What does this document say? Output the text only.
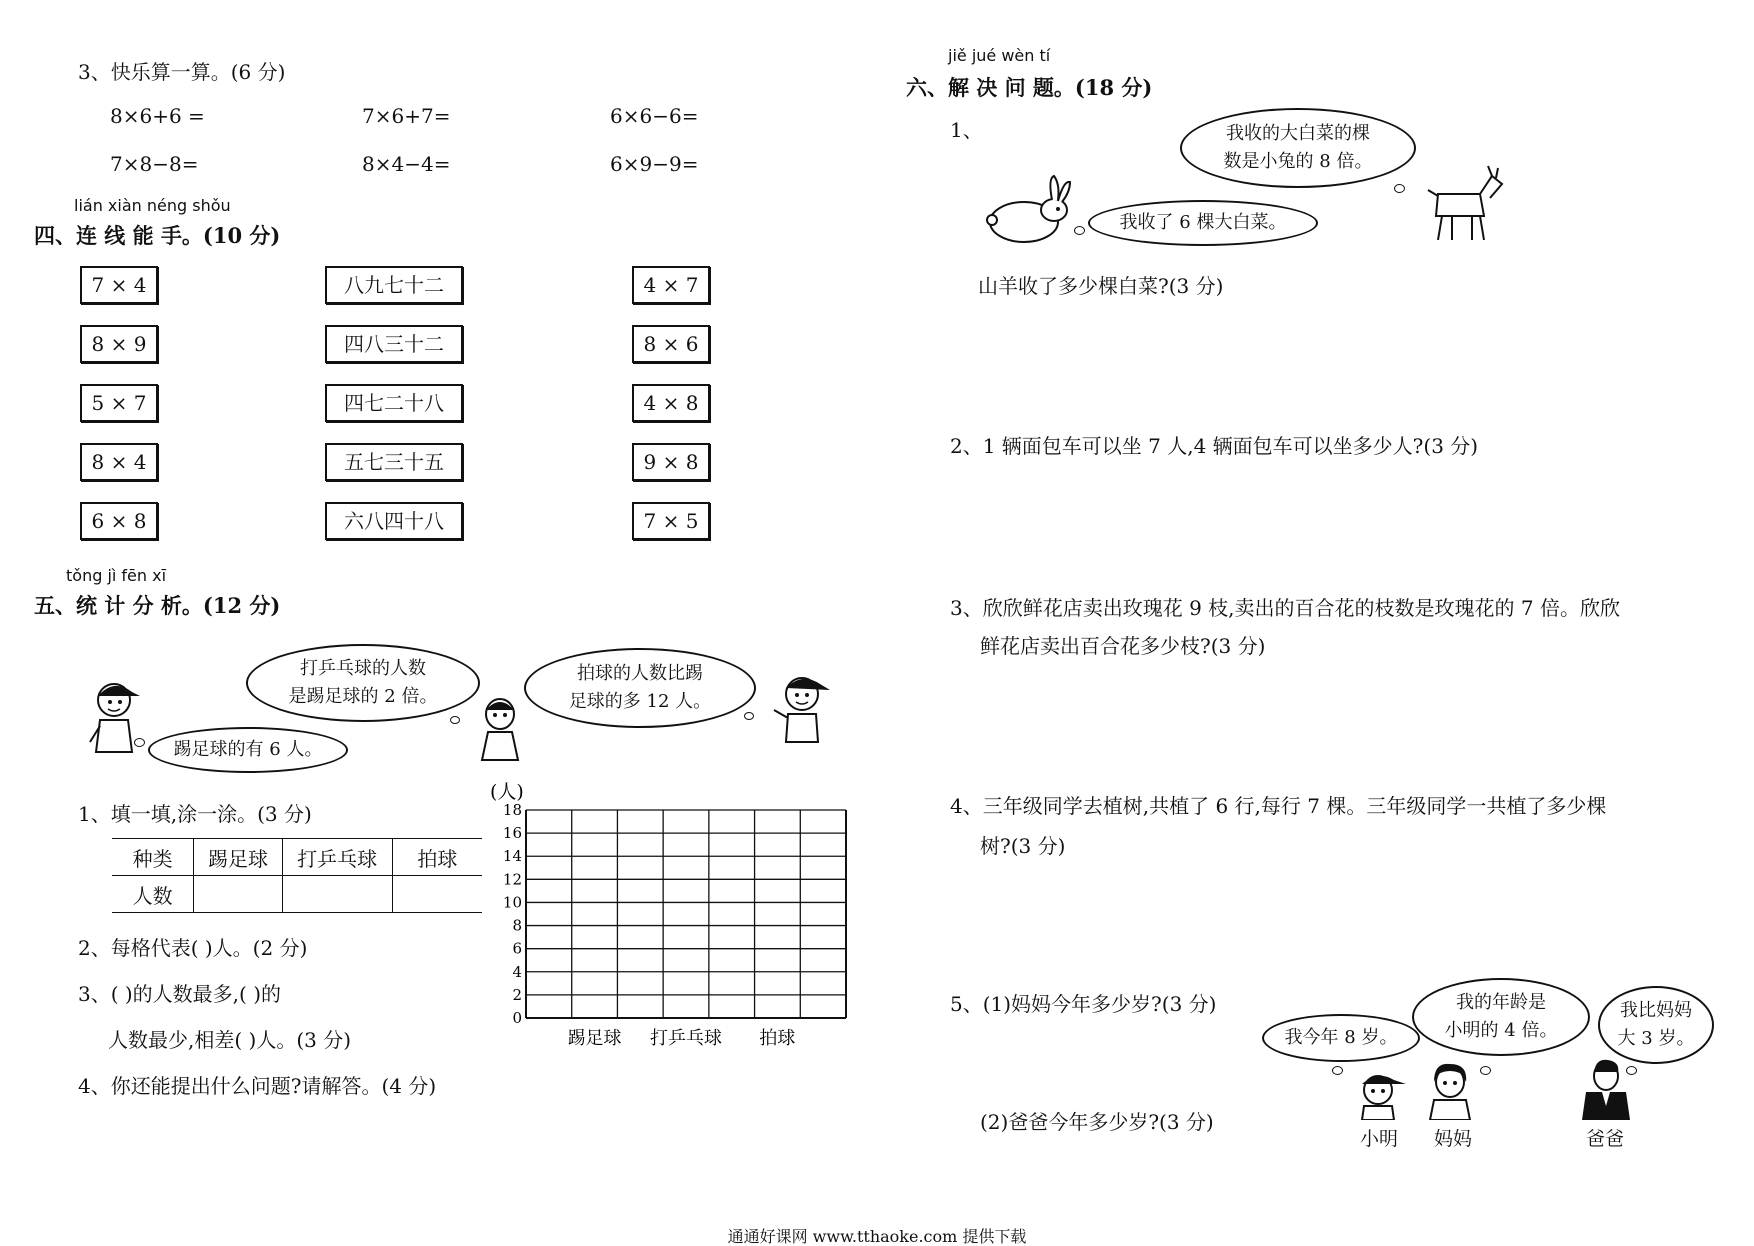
3、快乐算一算。(6 分)
8×6+6 =	7×6+7=	6×6−6=
7×8−8=	8×4−4=	6×9−9=
lián xiàn néng shǒu
四、连 线 能 手。(10 分)
7 × 4
8 × 9
5 × 7
8 × 4
6 × 8
八九七十二
四八三十二
四七二十八
五七三十五
六八四十八
4 × 7
8 × 6
4 × 8
9 × 8
7 × 5
tǒng jì fēn xī
五、统 计 分 析。(12 分)
打乒乓球的人数
是踢足球的 2 倍。
拍球的人数比踢
足球的多 12 人。
踢足球的有 6 人。
1、填一填,涂一涂。(3 分)
种类	踢足球	打乒乓球	拍球
人数			
2、每格代表( )人。(2 分)
3、( )的人数最多,( )的
人数最少,相差( )人。(3 分)
4、你还能提出什么问题?请解答。(4 分)
(人)
0
2
4
6
8
10
12
14
16
18
踢足球 打乒乓球 拍球
jiě jué wèn tí
六、解 决 问 题。(18 分)
1、	我收的大白菜的棵
数是小兔的 8 倍。
我收了 6 棵大白菜。
山羊收了多少棵白菜?(3 分)
2、1 辆面包车可以坐 7 人,4 辆面包车可以坐多少人?(3 分)
3、欣欣鲜花店卖出玫瑰花 9 枝,卖出的百合花的枝数是玫瑰花的 7 倍。欣欣
鲜花店卖出百合花多少枝?(3 分)
4、三年级同学去植树,共植了 6 行,每行 7 棵。三年级同学一共植了多少棵
树?(3 分)
5、(1)妈妈今年多少岁?(3 分)
(2)爸爸今年多少岁?(3 分)
我今年 8 岁。
我的年龄是
小明的 4 倍。
我比妈妈
大 3 岁。
小明 妈妈	爸爸
通通好课网 www.tthaoke.com 提供下载
